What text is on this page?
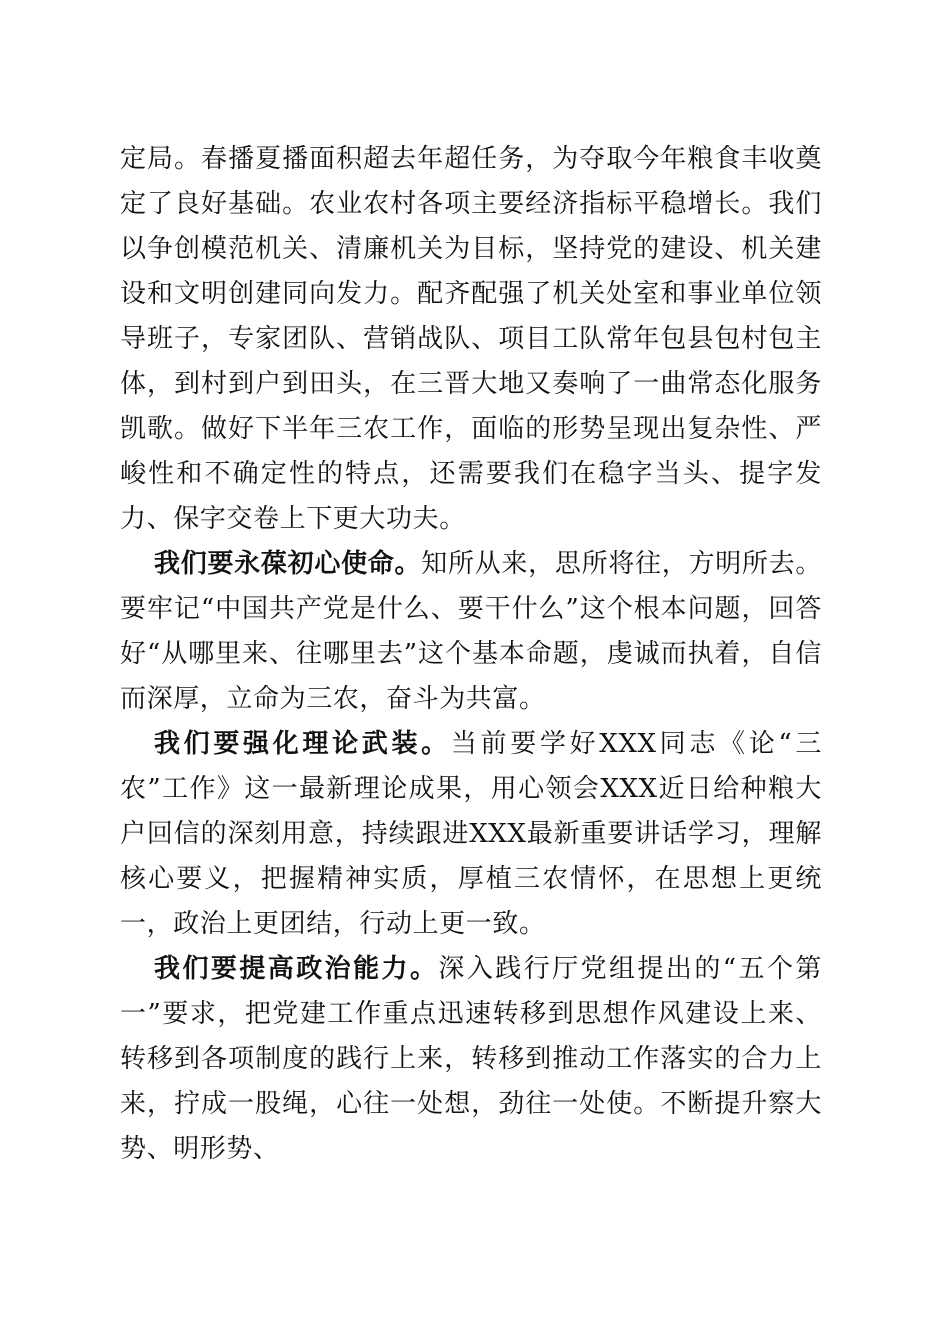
定局。春播夏播面积超去年超任务，为夺取今年粮食丰收奠定了良好基础。农业农村各项主要经济指标平稳增长。我们以争创模范机关、清廉机关为目标，坚持党的建设、机关建设和文明创建同向发力。配齐配强了机关处室和事业单位领导班子，专家团队、营销战队、项目工队常年包县包村包主体，到村到户到田头，在三晋大地又奏响了一曲常态化服务凯歌。做好下半年三农工作，面临的形势呈现出复杂性、严峻性和不确定性的特点，还需要我们在稳字当头、提字发力、保字交卷上下更大功夫。

我们要永葆初心使命。知所从来，思所将往，方明所去。要牢记“中国共产党是什么、要干什么”这个根本问题，回答好“从哪里来、往哪里去”这个基本命题，虔诚而执着，自信而深厚，立命为三农，奋斗为共富。

我们要强化理论武装。当前要学好XXX同志《论“三农”工作》这一最新理论成果，用心领会XXX近日给种粮大户回信的深刻用意，持续跟进XXX最新重要讲话学习，理解核心要义，把握精神实质，厚植三农情怀，在思想上更统一，政治上更团结，行动上更一致。

我们要提高政治能力。深入践行厅党组提出的“五个第一”要求，把党建工作重点迅速转移到思想作风建设上来、转移到各项制度的践行上来，转移到推动工作落实的合力上来，拧成一股绳，心往一处想，劲往一处使。不断提升察大势、明形势、
